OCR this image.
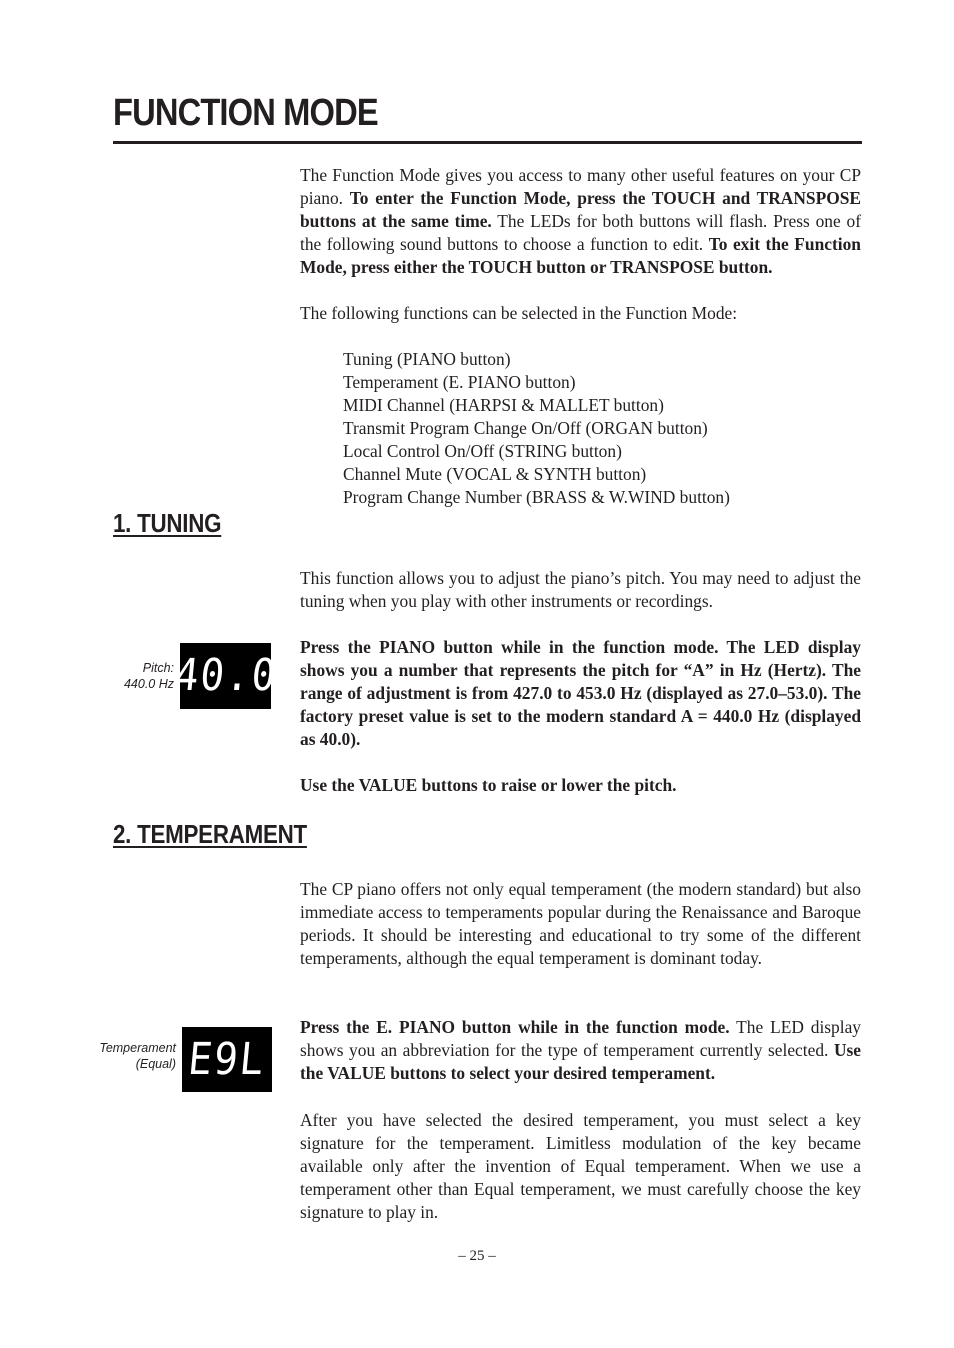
FUNCTION MODE

The Function Mode gives you access to many other useful features on your CP piano. To enter the Function Mode, press the TOUCH and TRANSPOSE buttons at the same time. The LEDs for both buttons will flash. Press one of the following sound buttons to choose a function to edit. To exit the Function Mode, press either the TOUCH button or TRANSPOSE button.

The following functions can be selected in the Function Mode:

Tuning (PIANO button)
Temperament (E. PIANO button)
MIDI Channel (HARPSI & MALLET button)
Transmit Program Change On/Off (ORGAN button)
Local Control On/Off (STRING button)
Channel Mute (VOCAL & SYNTH button)
Program Change Number (BRASS & W.WIND button)
1. TUNING

This function allows you to adjust the piano’s pitch. You may need to adjust the tuning when you play with other instruments or recordings.

Pitch:
440.0 Hz
40.0

Press the PIANO button while in the function mode. The LED display shows you a number that represents the pitch for “A” in Hz (Hertz). The range of adjustment is from 427.0 to 453.0 Hz (displayed as 27.0–53.0). The factory preset value is set to the modern standard A = 440.0 Hz (displayed as 40.0).

Use the VALUE buttons to raise or lower the pitch.

2. TEMPERAMENT

The CP piano offers not only equal temperament (the modern standard) but also immediate access to temperaments popular during the Renaissance and Baroque periods. It should be interesting and educational to try some of the different temperaments, although the equal temperament is dominant today.

Temperament
(Equal) E9L

Press the E. PIANO button while in the function mode. The LED display shows you an abbreviation for the type of temperament currently selected. Use the VALUE buttons to select your desired temperament.

After you have selected the desired temperament, you must select a key signature for the temperament. Limitless modulation of the key became available only after the invention of Equal temperament. When we use a temperament other than Equal temperament, we must carefully choose the key signature to play in.

– 25 –
